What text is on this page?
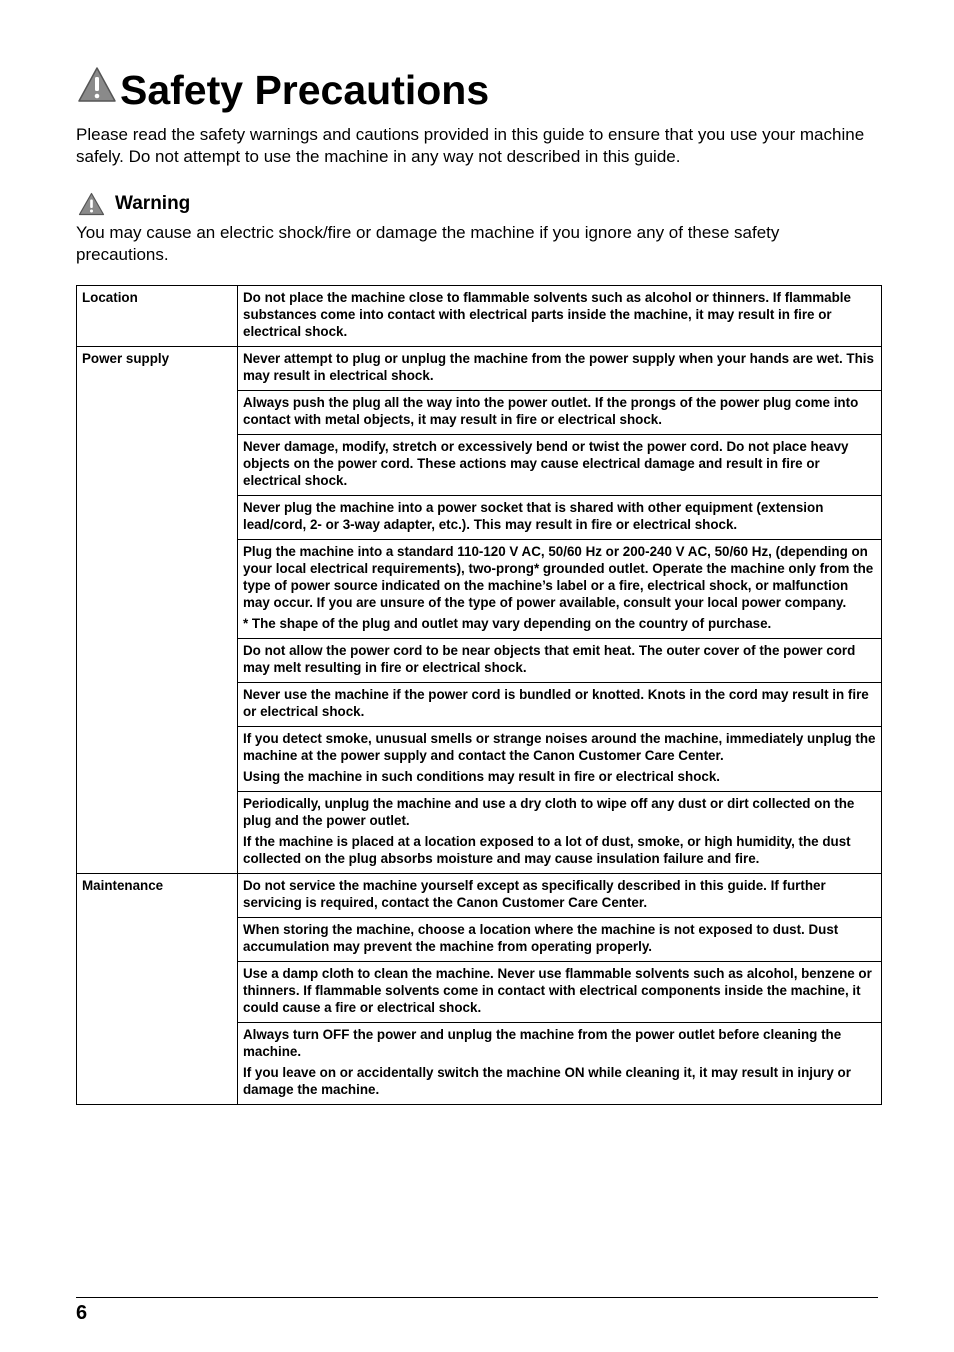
Safety Precautions

Please read the safety warnings and cautions provided in this guide to ensure that you use your machine safely. Do not attempt to use the machine in any way not described in this guide.

Warning

You may cause an electric shock/fire or damage the machine if you ignore any of these safety precautions.

Location	Do not place the machine close to flammable solvents such as alcohol or thinners. If flammable substances come into contact with electrical parts inside the machine, it may result in fire or electrical shock.

Power supply	Never attempt to plug or unplug the machine from the power supply when your hands are wet. This may result in electrical shock.

	Always push the plug all the way into the power outlet. If the prongs of the power plug come into contact with metal objects, it may result in fire or electrical shock.

	Never damage, modify, stretch or excessively bend or twist the power cord. Do not place heavy objects on the power cord. These actions may cause electrical damage and result in fire or electrical shock.

	Never plug the machine into a power socket that is shared with other equipment (extension lead/cord, 2- or 3-way adapter, etc.). This may result in fire or electrical shock.

	Plug the machine into a standard 110-120 V AC, 50/60 Hz or 200-240 V AC, 50/60 Hz, (depending on your local electrical requirements), two-prong* grounded outlet. Operate the machine only from the type of power source indicated on the machine’s label or a fire, electrical shock, or malfunction may occur. If you are unsure of the type of power available, consult your local power company.

* The shape of the plug and outlet may vary depending on the country of purchase.

	Do not allow the power cord to be near objects that emit heat. The outer cover of the power cord may melt resulting in fire or electrical shock.

	Never use the machine if the power cord is bundled or knotted. Knots in the cord may result in fire or electrical shock.

	If you detect smoke, unusual smells or strange noises around the machine, immediately unplug the machine at the power supply and contact the Canon Customer Care Center.

Using the machine in such conditions may result in fire or electrical shock.

	Periodically, unplug the machine and use a dry cloth to wipe off any dust or dirt collected on the plug and the power outlet.

If the machine is placed at a location exposed to a lot of dust, smoke, or high humidity, the dust collected on the plug absorbs moisture and may cause insulation failure and fire.

Maintenance	Do not service the machine yourself except as specifically described in this guide. If further servicing is required, contact the Canon Customer Care Center.

	When storing the machine, choose a location where the machine is not exposed to dust. Dust accumulation may prevent the machine from operating properly.

	Use a damp cloth to clean the machine. Never use flammable solvents such as alcohol, benzene or thinners. If flammable solvents come in contact with electrical components inside the machine, it could cause a fire or electrical shock.

	Always turn OFF the power and unplug the machine from the power outlet before cleaning the machine.

If you leave on or accidentally switch the machine ON while cleaning it, it may result in injury or damage the machine.

6
